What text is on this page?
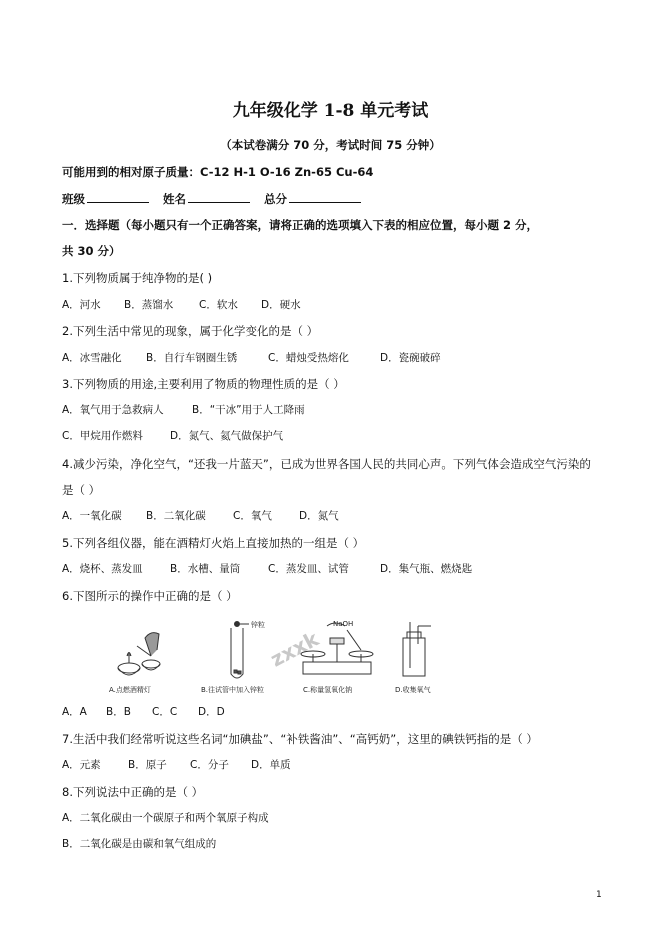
九年级化学 1-8 单元考试
（本试卷满分 70 分，考试时间 75 分钟）
可能用到的相对原子质量：C-12 H-1 O-16 Zn-65 Cu-64
班级	姓名	总分
一．选择题（每小题只有一个正确答案，请将正确的选项填入下表的相应位置，每小题 2 分，
共 30 分）
1.下列物质属于纯净物的是( )
A．河水 B．蒸馏水 C．软水 D．硬水
2.下列生活中常见的现象，属于化学变化的是（ ）
A．冰雪融化 B．自行车钢圈生锈	C．蜡烛受热熔化	D．瓷碗破碎
3.下列物质的用途,主要利用了物质的物理性质的是（ ）
A．氧气用于急救病人	B．“干冰”用于人工降雨
C．甲烷用作燃料	D．氮气、氦气做保护气
4.减少污染，净化空气，“还我一片蓝天”，已成为世界各国人民的共同心声。下列气体会造成空气污染的
是（ ）
A．一氧化碳 B．二氧化碳	C．氧气	D．氮气
5.下列各组仪器，能在酒精灯火焰上直接加热的一组是（ ）
A．烧杯、蒸发皿	B．水槽、量筒	C．蒸发皿、试管	D．集气瓶、燃烧匙
6.下图所示的操作中正确的是（ ）
zxxk
锌粒	NaOH
A.点燃酒精灯	B.往试管中加入锌粒	C.称量氢氧化钠	D.收集氧气
A．A B．B C．C D．D
7.生活中我们经常听说这些名词“加碘盐”、“补铁酱油”、“高钙奶”，这里的碘铁钙指的是（ ）
A．元素	B．原子 C．分子 D．单质
8.下列说法中正确的是（ ）
A．二氧化碳由一个碳原子和两个氧原子构成
B．二氧化碳是由碳和氧气组成的
1
